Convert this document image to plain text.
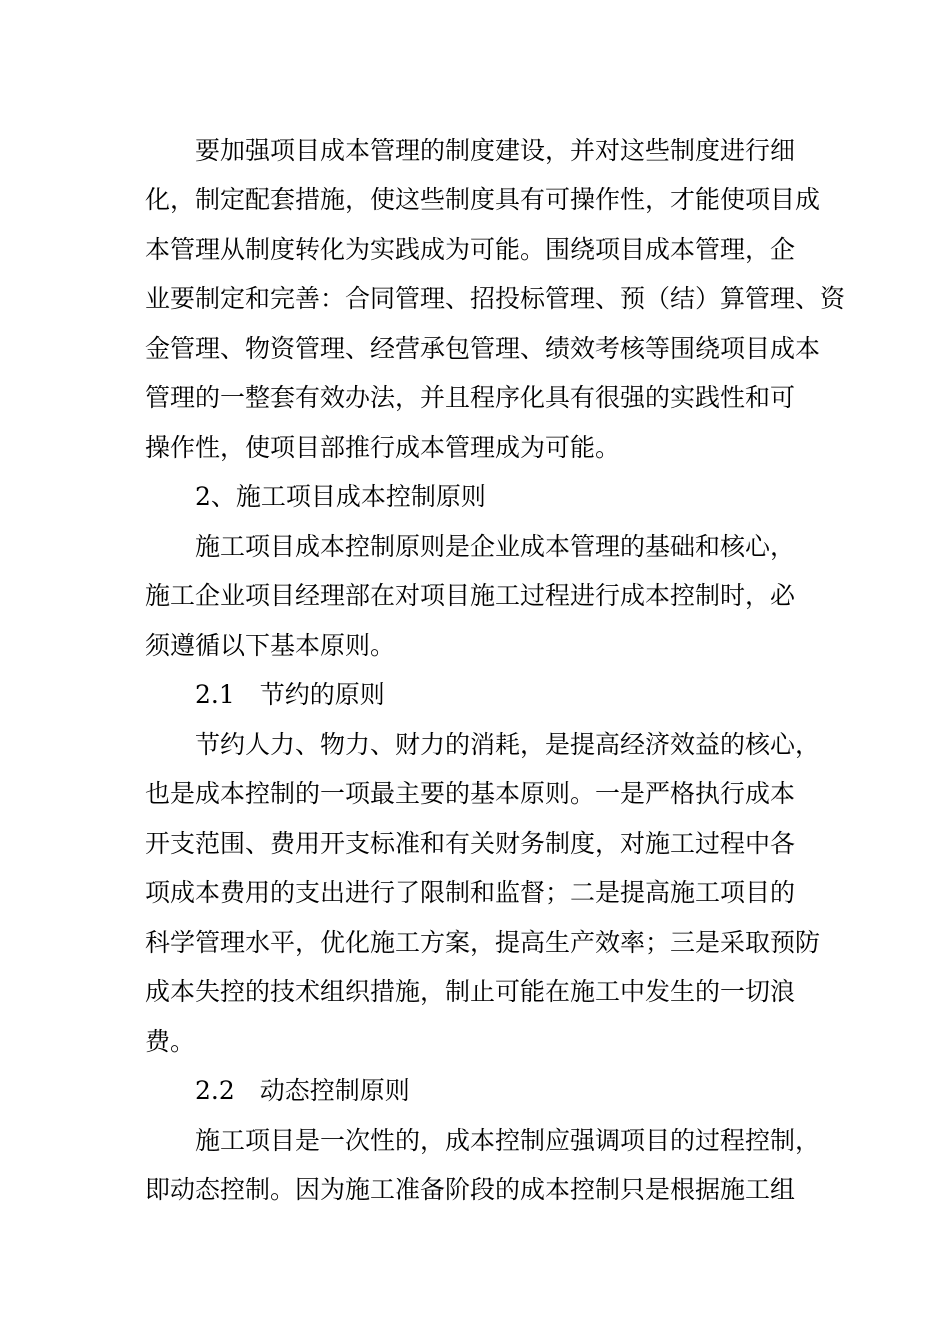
要加强项目成本管理的制度建设，并对这些制度进行细

化，制定配套措施，使这些制度具有可操作性，才能使项目成

本管理从制度转化为实践成为可能。围绕项目成本管理，企

业要制定和完善：合同管理、招投标管理、预（结）算管理、资

金管理、物资管理、经营承包管理、绩效考核等围绕项目成本

管理的一整套有效办法，并且程序化具有很强的实践性和可

操作性，使项目部推行成本管理成为可能。

2、施工项目成本控制原则

施工项目成本控制原则是企业成本管理的基础和核心，

施工企业项目经理部在对项目施工过程进行成本控制时，必

须遵循以下基本原则。

2.1　节约的原则

节约人力、物力、财力的消耗，是提高经济效益的核心，

也是成本控制的一项最主要的基本原则。一是严格执行成本

开支范围、费用开支标准和有关财务制度，对施工过程中各

项成本费用的支出进行了限制和监督；二是提高施工项目的

科学管理水平，优化施工方案，提高生产效率；三是采取预防

成本失控的技术组织措施，制止可能在施工中发生的一切浪

费。

2.2　动态控制原则

施工项目是一次性的，成本控制应强调项目的过程控制，

即动态控制。因为施工准备阶段的成本控制只是根据施工组
